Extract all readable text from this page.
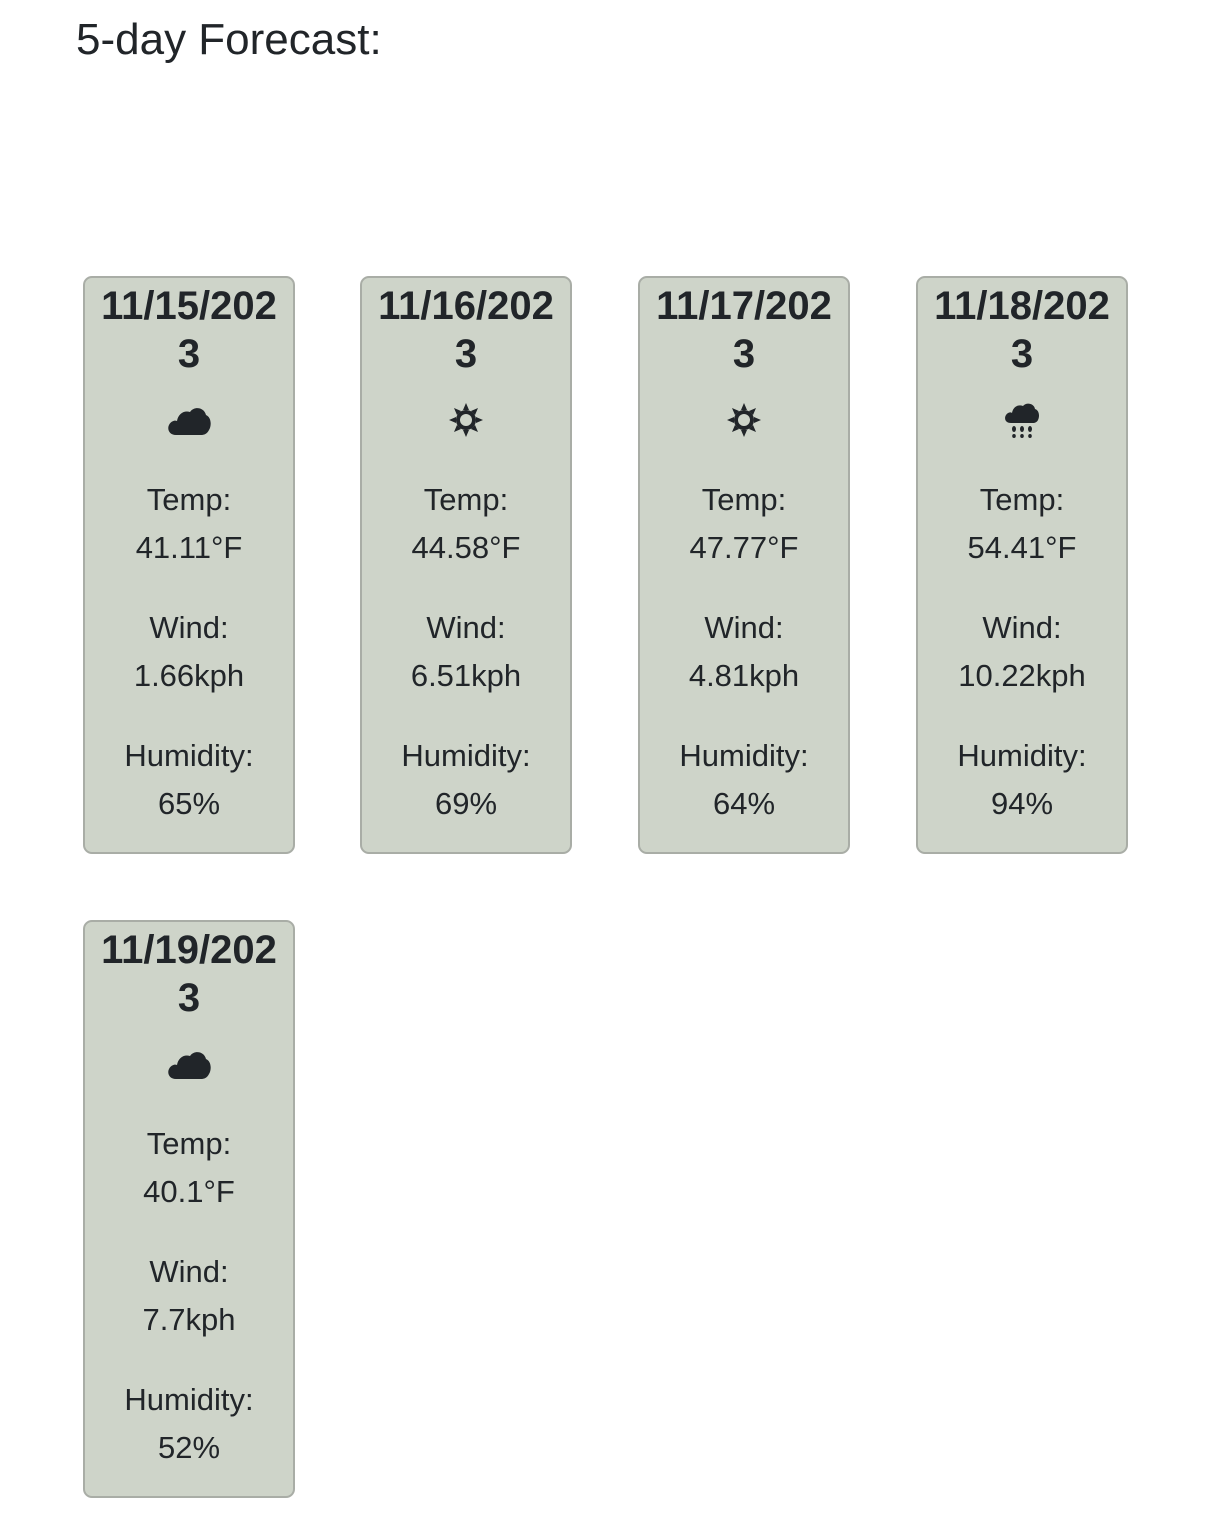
5-day Forecast:
11/15/2023
Temp:
41.11°F
Wind:
1.66kph
Humidity:
65%
11/16/2023
Temp:
44.58°F
Wind:
6.51kph
Humidity:
69%
11/17/2023
Temp:
47.77°F
Wind:
4.81kph
Humidity:
64%
11/18/2023
Temp:
54.41°F
Wind:
10.22kph
Humidity:
94%
11/19/2023
Temp:
40.1°F
Wind:
7.7kph
Humidity:
52%
